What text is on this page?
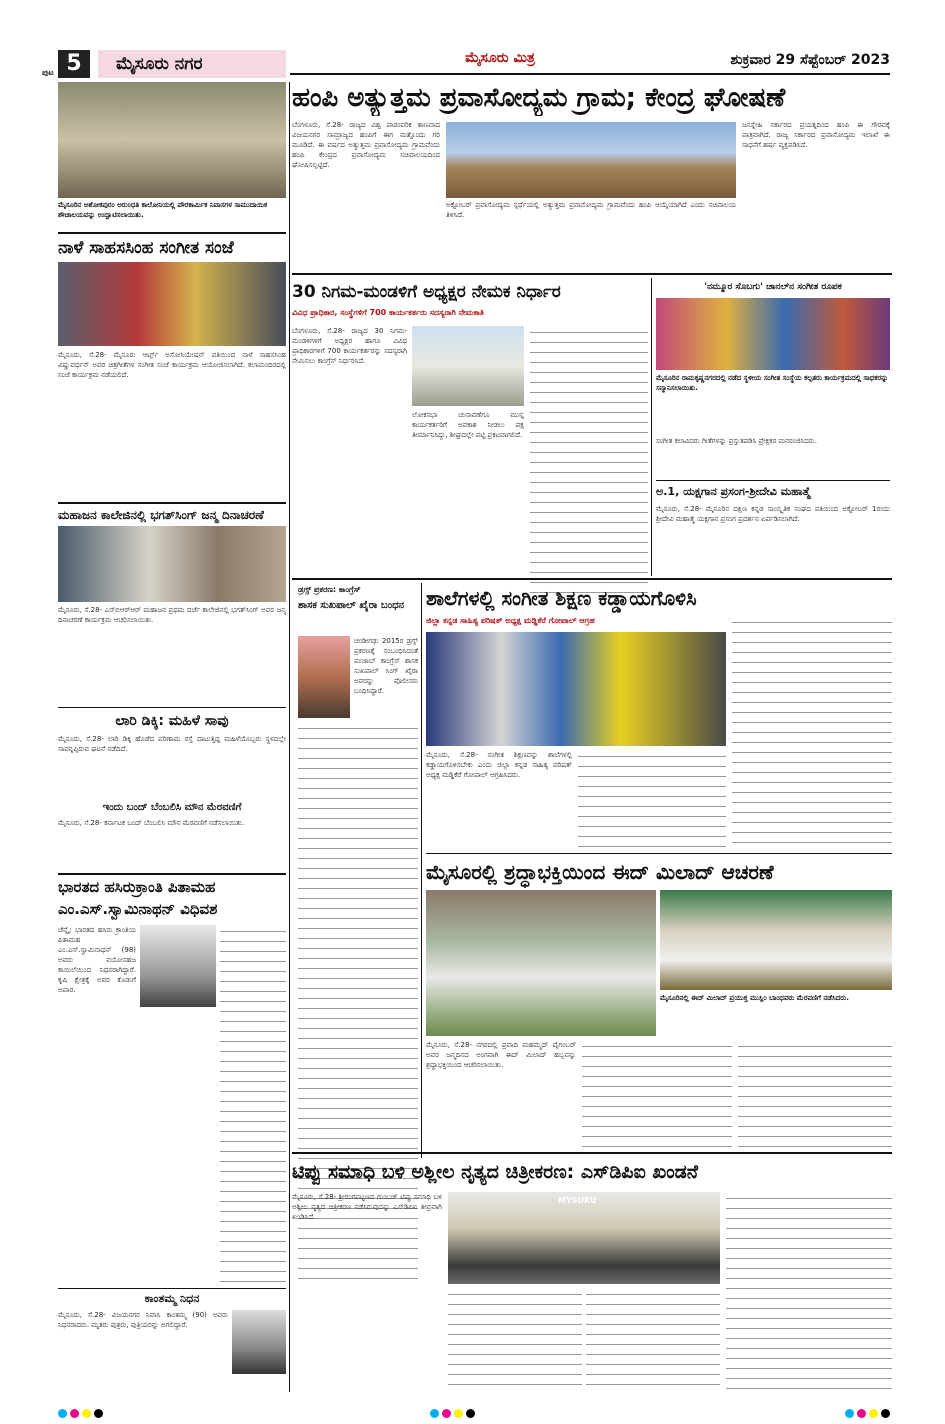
ಪುಟ 5	ಮೈಸೂರು ನಗರ	ಮೈಸೂರು ಮಿತ್ರ	ಶುಕ್ರವಾರ 29 ಸೆಪ್ಟೆಂಬರ್ 2023
ಹಂಪಿ ಅತ್ಯುತ್ತಮ ಪ್ರವಾಸೋದ್ಯಮ ಗ್ರಾಮ; ಕೇಂದ್ರ ಘೋಷಣೆ
ಬೆಂಗಳೂರು, ಸೆ.28- ರಾಜ್ಯದ ವಿಶ್ವ ಪಾರಂಪರಿಕ ತಾಣವಾದ ವಿಜಯನಗರ ಸಾಮ್ರಾಜ್ಯದ ಹಂಪಿಗೆ ಈಗ ಮತ್ತೊಂದು ಗರಿ ಮೂಡಿದೆ. ಈ ವರ್ಷದ ಅತ್ಯುತ್ತಮ ಪ್ರವಾಸೋದ್ಯಮ ಗ್ರಾಮವೆಂದು ಹಂಪಿ ಕೇಂದ್ರದ ಪ್ರವಾಸೋದ್ಯಮ ಸಚಿವಾಲಯದಿಂದ ಘೋಷಿಸಲ್ಪಟ್ಟಿದೆ.
ಅಕ್ಟೋಬರ್ ಪ್ರವಾಸೋದ್ಯಮ ಸ್ಪರ್ಧೆಯಲ್ಲಿ ಅತ್ಯುತ್ತಮ ಪ್ರವಾಸೋದ್ಯಮ ಗ್ರಾಮವೆಂದು ಹಂಪಿ ಆಯ್ಕೆಯಾಗಿದೆ ಎಂದು ಸಚಿವಾಲಯ ತಿಳಿಸಿದೆ.
ಜನಸ್ನೇಹಿ ಸರ್ಕಾರದ ಪ್ರಯತ್ನದಿಂದ ಹಂಪಿ ಈ ಗೌರವಕ್ಕೆ ಪಾತ್ರವಾಗಿದೆ. ರಾಜ್ಯ ಸರ್ಕಾರದ ಪ್ರವಾಸೋದ್ಯಮ ಇಲಾಖೆ ಈ ಸಾಧನೆಗೆ ಹರ್ಷ ವ್ಯಕ್ತಪಡಿಸಿದೆ.
ಮೈಸೂರಿನ ಅಶೋಕಪುರಂ ಅರುಂಧತಿ ಕಾಲೋನಿಯಲ್ಲಿ ಪೌರಕಾರ್ಮಿಕ ನಿವಾಸಗಳ ಸಾಮುದಾಯಿಕ ಶೌಚಾಲಯವನ್ನು ಉದ್ಘಾಟಿಸಲಾಯಿತು.
ನಾಳೆ ಸಾಹಸಸಿಂಹ ಸಂಗೀತ ಸಂಜೆ
ಮೈಸೂರು, ಸೆ.28- ಮೈಸೂರು ಆರ್ಟ್ಸ್ ಅಸೋಸಿಯೇಷನ್ ವತಿಯಿಂದ ನಾಳೆ ಸಾಹಸಸಿಂಹ ವಿಷ್ಣುವರ್ಧನ್ ಅವರ ಚಿತ್ರಗೀತೆಗಳ ಸಂಗೀತ ಸಂಜೆ ಕಾರ್ಯಕ್ರಮ ಆಯೋಜಿಸಲಾಗಿದೆ. ಕಲಾಮಂದಿರದಲ್ಲಿ ಸಂಜೆ ಕಾರ್ಯಕ್ರಮ ನಡೆಯಲಿದೆ.
ಮಹಾಜನ ಕಾಲೇಜಿನಲ್ಲಿ ಭಗತ್‌ಸಿಂಗ್ ಜನ್ಮ ದಿನಾಚರಣೆ
ಮೈಸೂರು, ಸೆ.28- ಎಸ್‌ಬಿಆರ್‌ಆರ್ ಮಹಾಜನ ಪ್ರಥಮ ದರ್ಜೆ ಕಾಲೇಜಿನಲ್ಲಿ ಭಗತ್‌ಸಿಂಗ್ ಅವರ ಜನ್ಮ ದಿನಾಚರಣೆ ಕಾರ್ಯಕ್ರಮ ಆಚರಿಸಲಾಯಿತು.
ಲಾರಿ ಡಿಕ್ಕಿ: ಮಹಿಳೆ ಸಾವು
ಮೈಸೂರು, ಸೆ.28- ಲಾರಿ ಡಿಕ್ಕಿ ಹೊಡೆದ ಪರಿಣಾಮ ರಸ್ತೆ ದಾಟುತ್ತಿದ್ದ ಮಹಿಳೆಯೊಬ್ಬರು ಸ್ಥಳದಲ್ಲೇ ಸಾವನ್ನಪ್ಪಿರುವ ಘಟನೆ ನಡೆದಿದೆ.
ಇಂದು ಬಂದ್ ಬೆಂಬಲಿಸಿ ಮೌನ ಮೆರವಣಿಗೆ
ಮೈಸೂರು, ಸೆ.28- ಕರ್ನಾಟಕ ಬಂದ್ ಬೆಂಬಲಿಸಿ ಮೌನ ಮೆರವಣಿಗೆ ನಡೆಸಲಾಯಿತು.
ಭಾರತದ ಹಸಿರುಕ್ರಾಂತಿ ಪಿತಾಮಹ
ಎಂ.ಎಸ್.ಸ್ವಾಮಿನಾಥನ್ ವಿಧಿವಶ
ಚೆನ್ನೈ: ಭಾರತದ ಹಸಿರು ಕ್ರಾಂತಿಯ ಪಿತಾಮಹ ಎಂ.ಎಸ್.ಸ್ವಾಮಿನಾಥನ್ (98) ಅವರು ವಯೋಸಹಜ ಕಾಯಿಲೆಯಿಂದ ನಿಧನರಾಗಿದ್ದಾರೆ. ಕೃಷಿ ಕ್ಷೇತ್ರಕ್ಕೆ ಅವರ ಕೊಡುಗೆ ಅಪಾರ.
ಕಾಂತಮ್ಮ ನಿಧನ
ಮೈಸೂರು, ಸೆ.28- ವಿಜಯನಗರ ನಿವಾಸಿ ಕಾಂತಮ್ಮ (90) ಅವರು ನಿಧನರಾದರು. ಮೃತರು ಪುತ್ರರು, ಪುತ್ರಿಯರನ್ನು ಅಗಲಿದ್ದಾರೆ.
30 ನಿಗಮ-ಮಂಡಳಿಗೆ ಅಧ್ಯಕ್ಷರ ನೇಮಕ ನಿರ್ಧಾರ
ವಿವಿಧ ಪ್ರಾಧಿಕಾರ, ಸಂಸ್ಥೆಗಳಿಗೆ 700 ಕಾರ್ಯಕರ್ತರು ಸದಸ್ಯರಾಗಿ ನೇಮಕಾತಿ
ಬೆಂಗಳೂರು, ಸೆ.28- ರಾಜ್ಯದ 30 ನಿಗಮ-ಮಂಡಳಿಗಳಿಗೆ ಅಧ್ಯಕ್ಷರ ಹಾಗೂ ವಿವಿಧ ಪ್ರಾಧಿಕಾರಗಳಿಗೆ 700 ಕಾರ್ಯಕರ್ತರನ್ನು ಸದಸ್ಯರಾಗಿ ನೇಮಿಸಲು ಕಾಂಗ್ರೆಸ್ ನಿರ್ಧರಿಸಿದೆ.
ಲೋಕಸಭಾ ಚುನಾವಣೆಗೂ ಮುನ್ನ ಕಾರ್ಯಕರ್ತರಿಗೆ ಅವಕಾಶ ನೀಡಲು ಪಕ್ಷ ತೀರ್ಮಾನಿಸಿದ್ದು, ಶೀಘ್ರದಲ್ಲೇ ಪಟ್ಟಿ ಪ್ರಕಟವಾಗಲಿದೆ.
'ನಮ್ಮೂರ ಸೊಬಗು' ಚಾನಲ್‌ನ ಸಂಗೀತ ರೂಪಕ
ಮೈಸೂರಿನ ರಾಮಕೃಷ್ಣನಗರದಲ್ಲಿ ನಡೆದ ಸ್ಥಳೀಯ ಸಂಗೀತ ಸಂಸ್ಥೆಯ ಕಲ್ಪತರು ಕಾರ್ಯಕ್ರಮದಲ್ಲಿ ಸಾಧಕರನ್ನು ಸನ್ಮಾನಿಸಲಾಯಿತು.
ಸಂಗೀತ ಕಲಾವಿದರು ಗೀತೆಗಳನ್ನು ಪ್ರಸ್ತುತಪಡಿಸಿ ಪ್ರೇಕ್ಷಕರ ಮನರಂಜಿಸಿದರು.
ಅ.1, ಯಕ್ಷಗಾನ ಪ್ರಸಂಗ-ಶ್ರೀದೇವಿ ಮಹಾತ್ಮೆ
ಮೈಸೂರು, ಸೆ.28- ಮೈಸೂರಿನ ದಕ್ಷಿಣ ಕನ್ನಡ ಸಾಂಸ್ಕೃತಿಕ ಸಂಘದ ವತಿಯಿಂದ ಅಕ್ಟೋಬರ್ 1ರಂದು ಶ್ರೀದೇವಿ ಮಹಾತ್ಮೆ ಯಕ್ಷಗಾನ ಪ್ರಸಂಗ ಪ್ರದರ್ಶನ ಏರ್ಪಡಿಸಲಾಗಿದೆ.
ಡ್ರಗ್ಸ್ ಪ್ರಕರಣ: ಕಾಂಗ್ರೆಸ್
ಶಾಸಕ ಸುಖಪಾಲ್ ಖೈರಾ ಬಂಧನ
ಚಂಡೀಗಢ: 2015ರ ಡ್ರಗ್ಸ್ ಪ್ರಕರಣಕ್ಕೆ ಸಂಬಂಧಿಸಿದಂತೆ ಪಂಜಾಬ್ ಕಾಂಗ್ರೆಸ್ ಶಾಸಕ ಸುಖಪಾಲ್ ಸಿಂಗ್ ಖೈರಾ ಅವರನ್ನು ಪೊಲೀಸರು ಬಂಧಿಸಿದ್ದಾರೆ.
ಶಾಲೆಗಳಲ್ಲಿ ಸಂಗೀತ ಶಿಕ್ಷಣ ಕಡ್ಡಾಯಗೊಳಿಸಿ
ಜಿಲ್ಲಾ ಕನ್ನಡ ಸಾಹಿತ್ಯ ಪರಿಷತ್ ಅಧ್ಯಕ್ಷ ಮಡ್ಡಿಕೆರೆ ಗೋಪಾಲ್ ಆಗ್ರಹ
ಮೈಸೂರು, ಸೆ.28- ಸಂಗೀತ ಶಿಕ್ಷಣವನ್ನು ಶಾಲೆಗಳಲ್ಲಿ ಕಡ್ಡಾಯಗೊಳಿಸಬೇಕು ಎಂದು ಜಿಲ್ಲಾ ಕನ್ನಡ ಸಾಹಿತ್ಯ ಪರಿಷತ್ ಅಧ್ಯಕ್ಷ ಮಡ್ಡಿಕೆರೆ ಗೋಪಾಲ್ ಆಗ್ರಹಿಸಿದರು.
ಮೈಸೂರಲ್ಲಿ ಶ್ರದ್ಧಾಭಕ್ತಿಯಿಂದ ಈದ್ ಮಿಲಾದ್ ಆಚರಣೆ
ಮೈಸೂರಿನಲ್ಲಿ ಈದ್ ಮಿಲಾದ್ ಪ್ರಯುಕ್ತ ಮುಸ್ಲಿಂ ಬಾಂಧವರು ಮೆರವಣಿಗೆ ನಡೆಸಿದರು.
ಮೈಸೂರು, ಸೆ.28- ನಗರದಲ್ಲಿ ಪ್ರವಾದಿ ಮಹಮ್ಮದ್ ಪೈಗಂಬರ್ ಅವರ ಜನ್ಮದಿನದ ಅಂಗವಾಗಿ ಈದ್ ಮಿಲಾದ್ ಹಬ್ಬವನ್ನು ಶ್ರದ್ಧಾಭಕ್ತಿಯಿಂದ ಆಚರಿಸಲಾಯಿತು.
ಟಿಪ್ಪು ಸಮಾಧಿ ಬಳಿ ಅಶ್ಲೀಲ ನೃತ್ಯದ ಚಿತ್ರೀಕರಣ: ಎಸ್‌ಡಿಪಿಐ ಖಂಡನೆ
ಮೈಸೂರು, ಸೆ.28- ಶ್ರೀರಂಗಪಟ್ಟಣದ ಗುಂಬಜ್ ಟಿಪ್ಪು ಸಮಾಧಿ ಬಳಿ ಅಶ್ಲೀಲ ನೃತ್ಯದ ಚಿತ್ರೀಕರಣ ನಡೆಸಿರುವುದನ್ನು ಎಸ್‌ಡಿಪಿಐ ತೀವ್ರವಾಗಿ ಖಂಡಿಸಿದೆ.
MYSURU
